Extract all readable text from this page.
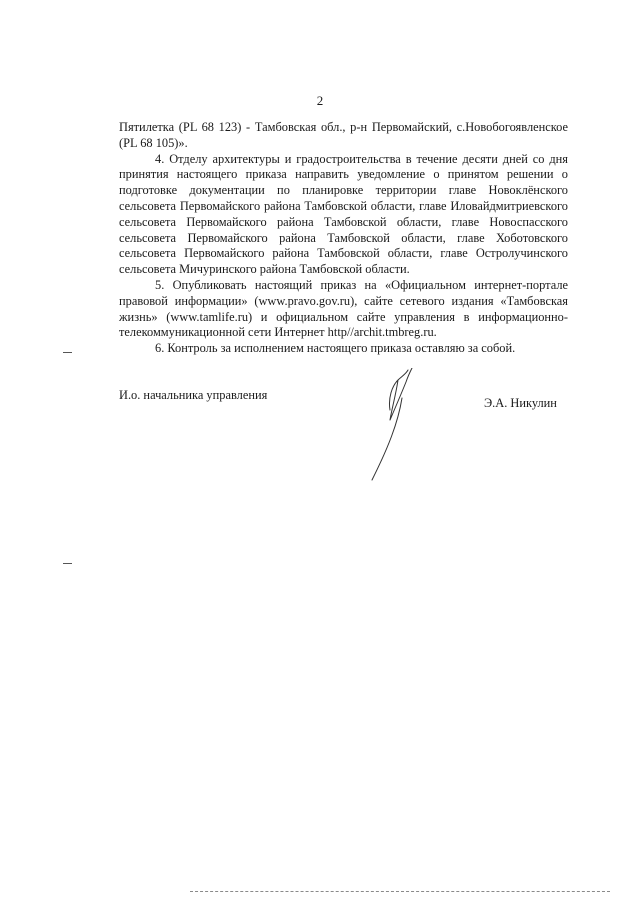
2

Пятилетка (PL 68 123) - Тамбовская обл., р-н Первомайский, с.Новобогоявленское (PL 68 105)».

4. Отделу архитектуры и градостроительства в течение десяти дней со дня принятия настоящего приказа направить уведомление о принятом решении о подготовке документации по планировке территории главе Новоклёнского сельсовета Первомайского района Тамбовской области, главе Иловайдмитриевского сельсовета Первомайского района Тамбовской области, главе Новоспасского сельсовета Первомайского района Тамбовской области, главе Хоботовского сельсовета Первомайского района Тамбовской области, главе Остролучинского сельсовета Мичуринского района Тамбовской области.

5. Опубликовать настоящий приказ на «Официальном интернет-портале правовой информации» (www.pravo.gov.ru), сайте сетевого издания «Тамбовская жизнь» (www.tamlife.ru) и официальном сайте управления в информационно-телекоммуникационной сети Интернет http//archit.tmbreg.ru.

6. Контроль за исполнением настоящего приказа оставляю за собой.

И.о. начальника управления
Э.А. Никулин
